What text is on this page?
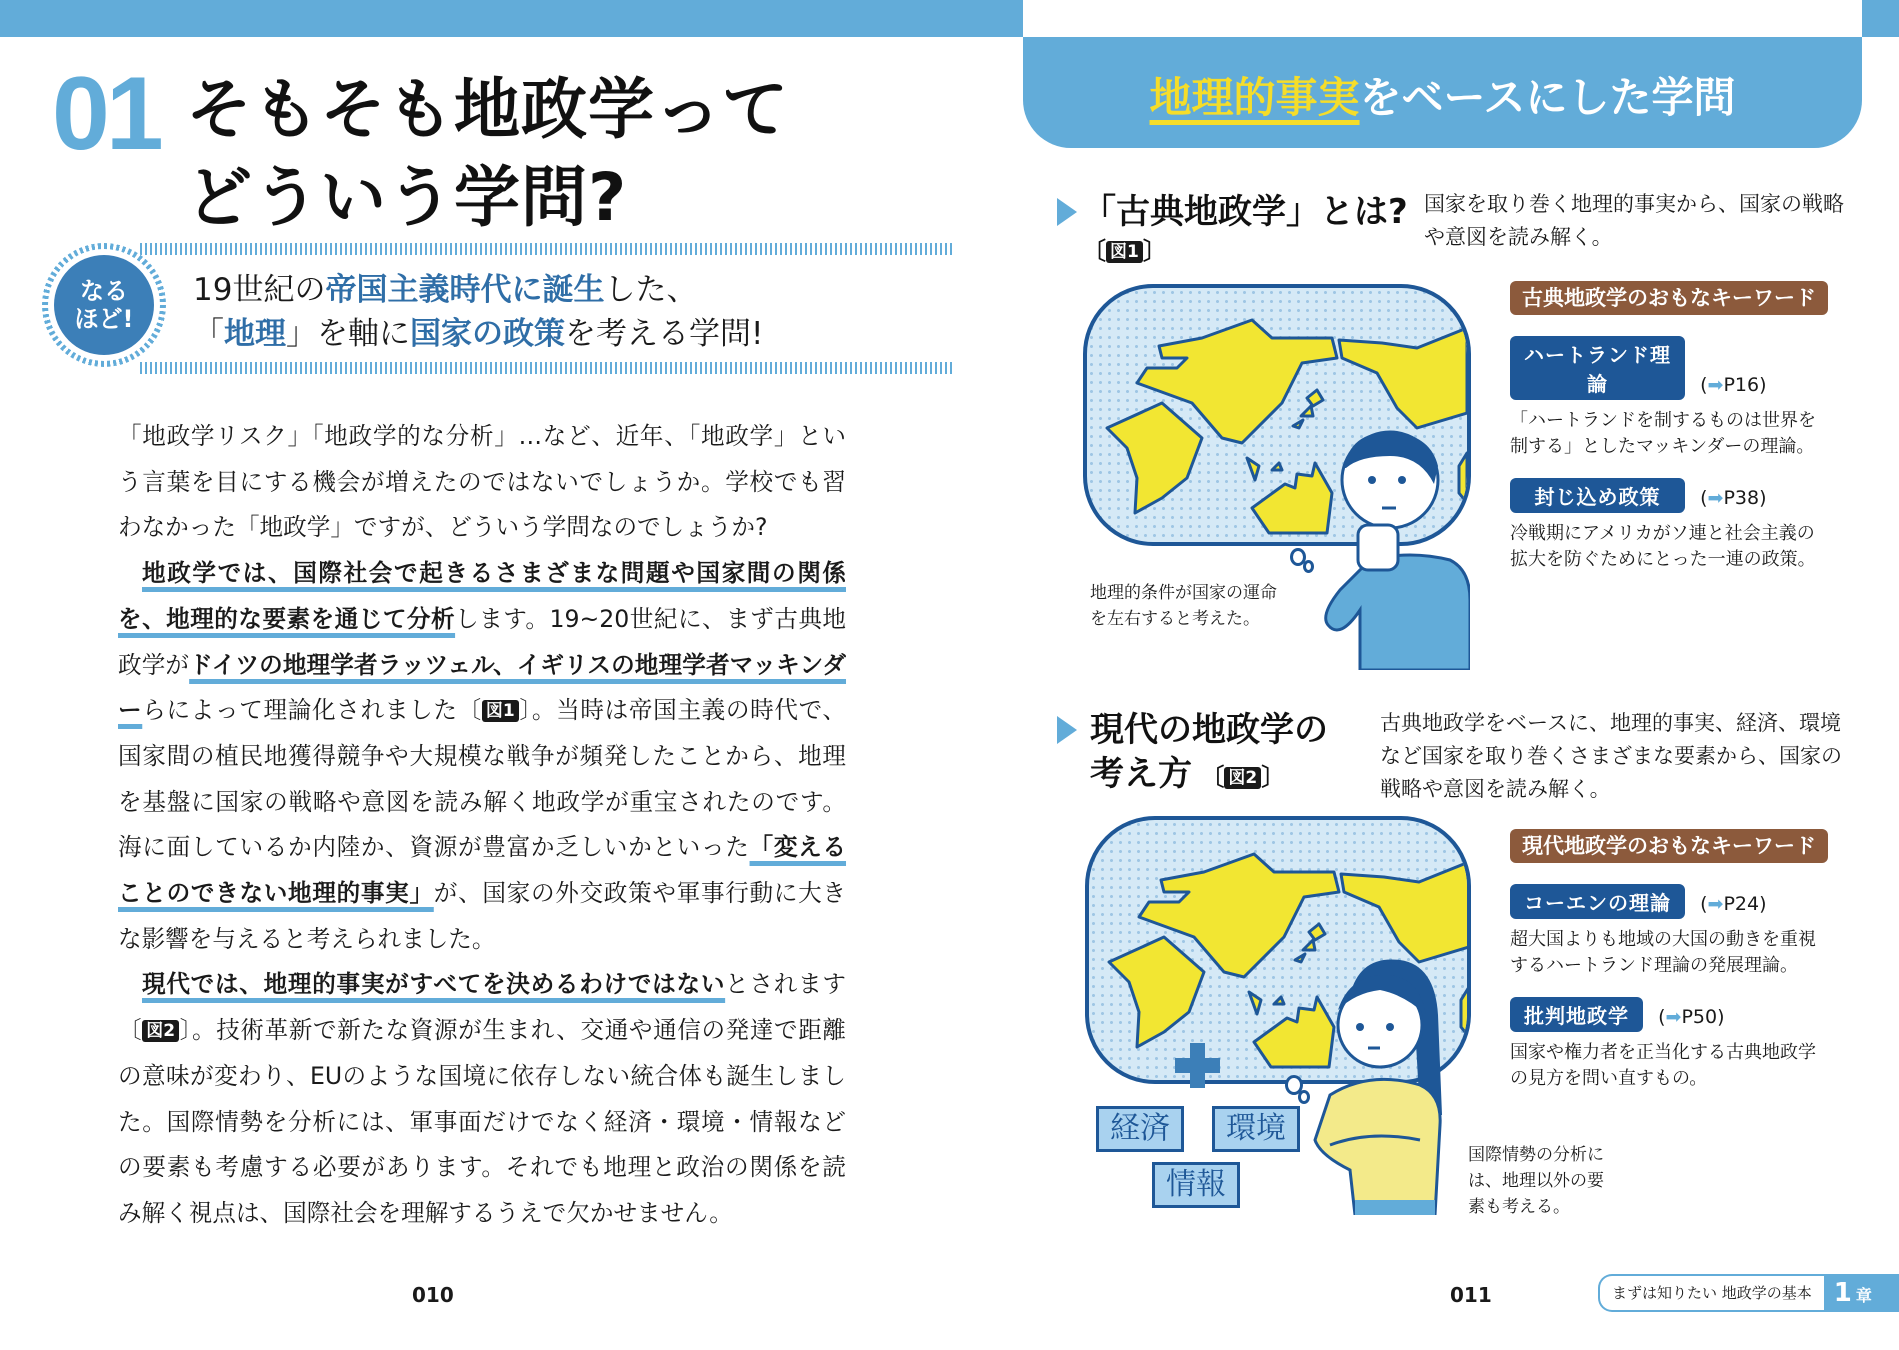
01 そもそも地政学って
どういう学問?
なる
ほど!
19世紀の帝国主義時代に誕生した、
「地理」を軸に国家の政策を考える学問!

「地政学リスク」「地政学的な分析」…など、近年、「地政学」という言葉を目にする機会が増えたのではないでしょうか。学校でも習わなかった「地政学」ですが、どういう学問なのでしょうか?

地政学では、国際社会で起きるさまざまな問題や国家間の関係を、地理的な要素を通じて分析します。19~20世紀に、まず古典地政学がドイツの地理学者ラッツェル、イギリスの地理学者マッキンダーらによって理論化されました〔 図1 〕。当時は帝国主義の時代で、国家間の植民地獲得競争や大規模な戦争が頻発したことから、地理を基盤に国家の戦略や意図を読み解く地政学が重宝されたのです。海に面しているか内陸か、資源が豊富か乏しいかといった「変えることのできない地理的事実」が、国家の外交政策や軍事行動に大きな影響を与えると考えられました。

現代では、地理的事実がすべてを決めるわけではないとされます〔 図2 〕。技術革新で新たな資源が生まれ、交通や通信の発達で距離の意味が変わり、EUのような国境に依存しない統合体も誕生しました。国際情勢を分析には、軍事面だけでなく経済・環境・情報などの要素も考慮する必要があります。それでも地理と政治の関係を読み解く視点は、国際社会を理解するうえで欠かせません。

010
地理的事実 をベースにした学問
「古典地政学」とは?
〔 図1 〕
国家を取り巻く地理的事実から、国家の戦略や意図を読み解く。
地理的条件が国家の運命を左右すると考えた。
古典地政学のおもなキーワード
ハートランド理論	(➡P16)
「ハートランドを制するものは世界を制する」としたマッキンダーの理論。
封じ込め政策 (➡P38)
冷戦期にアメリカがソ連と社会主義の拡大を防ぐためにとった一連の政策。
現代の地政学の
考え方 〔 図2 〕
古典地政学をベースに、地理的事実、経済、環境など国家を取り巻くさまざまな要素から、国家の戦略や意図を読み解く。
経済	環境
情報
国際情勢の分析には、地理以外の要素も考える。
現代地政学のおもなキーワード
コーエンの理論 (➡P24)
超大国よりも地域の大国の動きを重視するハートランド理論の発展理論。
批判地政学 (➡P50)
国家や権力者を正当化する古典地政学の見方を問い直すもの。
011	まずは知りたい 地政学の基本 1 章
